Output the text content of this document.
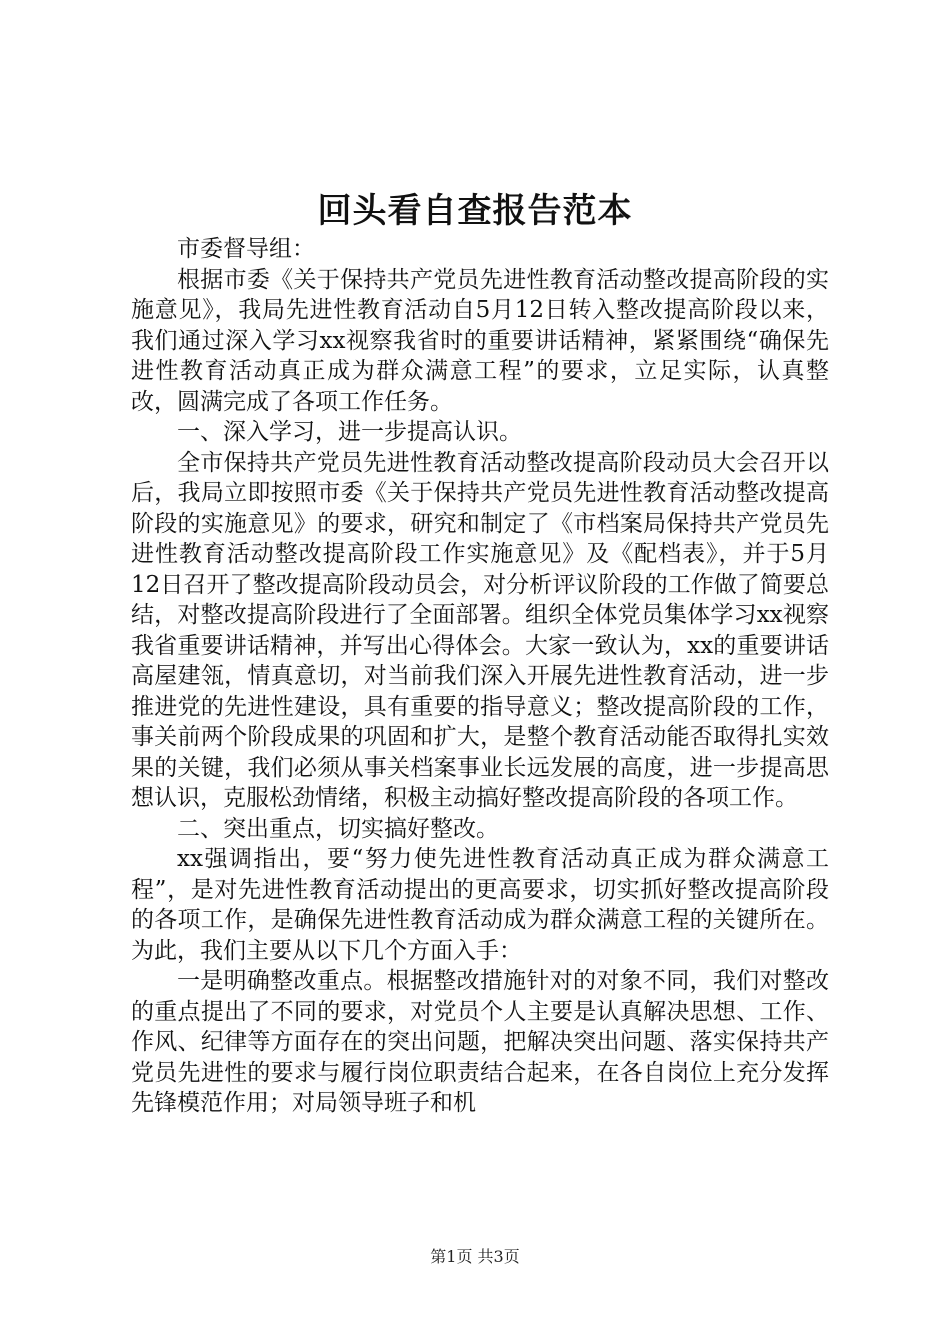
回头看自查报告范本

市委督导组：

根据市委《关于保持共产党员先进性教育活动整改提高阶段的实施意见》，我局先进性教育活动自5月12日转入整改提高阶段以来，我们通过深入学习xx视察我省时的重要讲话精神，紧紧围绕“确保先进性教育活动真正成为群众满意工程”的要求，立足实际，认真整改，圆满完成了各项工作任务。

一、深入学习，进一步提高认识。

全市保持共产党员先进性教育活动整改提高阶段动员大会召开以后，我局立即按照市委《关于保持共产党员先进性教育活动整改提高阶段的实施意见》的要求，研究和制定了《市档案局保持共产党员先进性教育活动整改提高阶段工作实施意见》及《配档表》，并于5月12日召开了整改提高阶段动员会，对分析评议阶段的工作做了简要总结，对整改提高阶段进行了全面部署。组织全体党员集体学习xx视察我省重要讲话精神，并写出心得体会。大家一致认为，xx的重要讲话高屋建瓴，情真意切，对当前我们深入开展先进性教育活动，进一步推进党的先进性建设，具有重要的指导意义；整改提高阶段的工作，事关前两个阶段成果的巩固和扩大，是整个教育活动能否取得扎实效果的关键，我们必须从事关档案事业长远发展的高度，进一步提高思想认识，克服松劲情绪，积极主动搞好整改提高阶段的各项工作。

二、突出重点，切实搞好整改。

xx强调指出，要“努力使先进性教育活动真正成为群众满意工程”，是对先进性教育活动提出的更高要求，切实抓好整改提高阶段的各项工作，是确保先进性教育活动成为群众满意工程的关键所在。为此，我们主要从以下几个方面入手：

一是明确整改重点。根据整改措施针对的对象不同，我们对整改的重点提出了不同的要求，对党员个人主要是认真解决思想、工作、作风、纪律等方面存在的突出问题，把解决突出问题、落实保持共产党员先进性的要求与履行岗位职责结合起来，在各自岗位上充分发挥先锋模范作用；对局领导班子和机

第1页 共3页
